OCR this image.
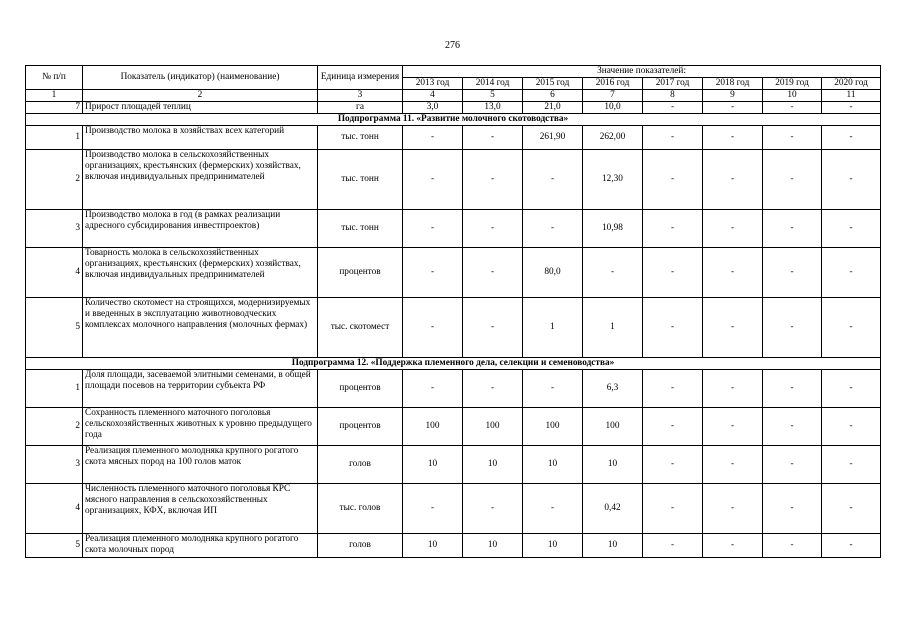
276
№ п/п	Показатель (индикатор) (наименование)	Единица измерения	Значение показателей:							
			2013 год	2014 год	2015 год	2016 год	2017 год	2018 год	2019 год	2020 год
1	2	3	4	5	6	7	8	9	10	11
7	Прирост площадей теплиц	га	3,0	13,0	21,0	10,0	-	-	-	-
Подпрограмма 11. «Развитие молочного скотоводства»										
1	Производство молока в хозяйствах всех категорий	тыс. тонн	-	-	261,90	262,00	-	-	-	-
2	Производство молока в сельскохозяйственных организациях, крестьянских (фермерских) хозяйствах, включая индивидуальных предпринимателей	тыс. тонн	-	-	-	12,30	-	-	-	-
3	Производство молока в год (в рамках реализации адресного субсидирования инвестпроектов)	тыс. тонн	-	-	-	10,98	-	-	-	-
4	Товарность молока в сельскохозяйственных организациях, крестьянских (фермерских) хозяйствах, включая индивидуальных предпринимателей	процентов	-	-	80,0	-	-	-	-	-
5	Количество скотомест на строящихся, модернизируемых и введенных в эксплуатацию животноводческих комплексах молочного направления (молочных фермах)	тыс. скотомест	-	-	1	1	-	-	-	-
Подпрограмма 12. «Поддержка племенного дела, селекции и семеноводства»										
1	Доля площади, засеваемой элитными семенами, в общей площади посевов на территории субъекта РФ	процентов	-	-	-	6,3	-	-	-	-
2	Сохранность племенного маточного поголовья сельскохозяйственных животных к уровню предыдущего года	процентов	100	100	100	100	-	-	-	-
3	Реализация племенного молодняка крупного рогатого скота мясных пород на 100 голов маток	голов	10	10	10	10	-	-	-	-
4	Численность племенного маточного поголовья КРС мясного направления в сельскохозяйственных организациях, КФХ, включая ИП	тыс. голов	-	-	-	0,42	-	-	-	-
5	Реализация племенного молодняка крупного рогатого скота молочных пород	голов	10	10	10	10	-	-	-	-
